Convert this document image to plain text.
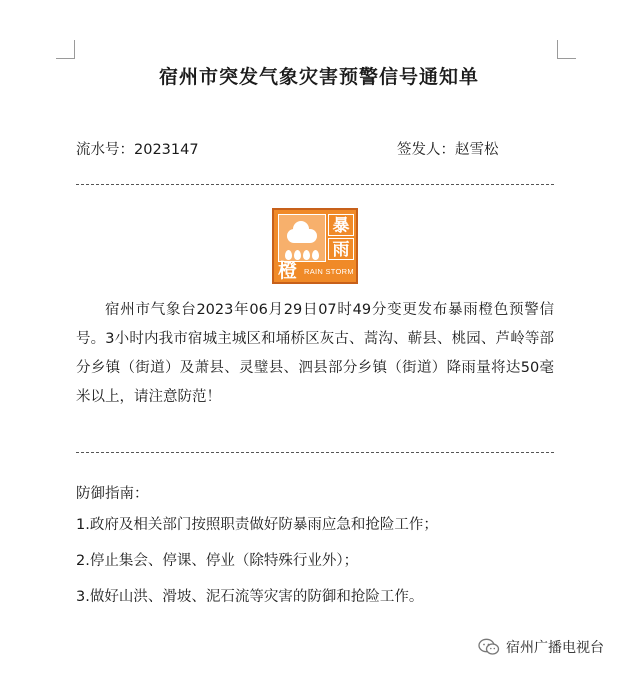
宿州市突发气象灾害预警信号通知单
流水号：2023147	签发人：赵雪松
暴
雨
橙 RAIN STORM
宿州市气象台2023年06月29日07时49分变更发布暴雨橙色预警信号。3小时内我市宿城主城区和埇桥区灰古、蒿沟、蕲县、桃园、芦岭等部分乡镇（街道）及萧县、灵璧县、泗县部分乡镇（街道）降雨量将达50毫米以上，请注意防范！
防御指南：
1.政府及相关部门按照职责做好防暴雨应急和抢险工作；
2.停止集会、停课、停业（除特殊行业外）；
3.做好山洪、滑坡、泥石流等灾害的防御和抢险工作。
宿州广播电视台
